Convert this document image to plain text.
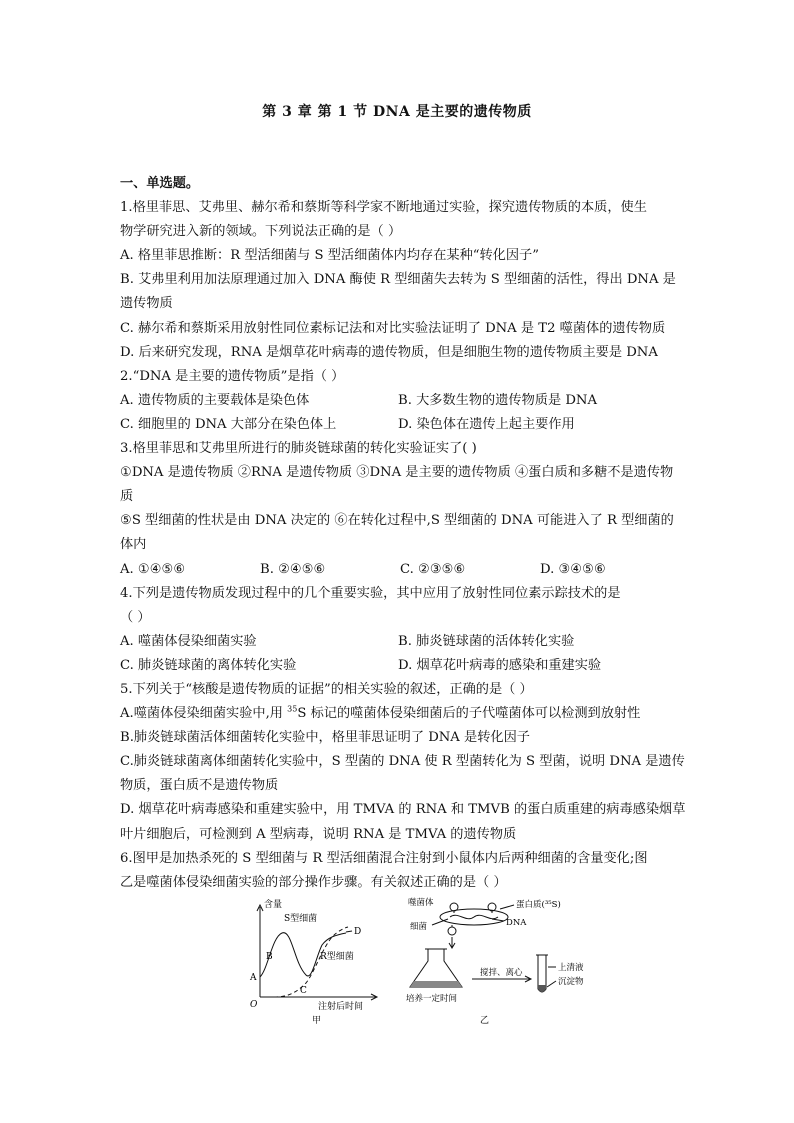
第 3 章 第 1 节 DNA 是主要的遗传物质
一、单选题。
1.格里菲思、艾弗里、赫尔希和蔡斯等科学家不断地通过实验，探究遗传物质的本质，使生
物学研究进入新的领域。下列说法正确的是（ ）
A. 格里菲思推断：R 型活细菌与 S 型活细菌体内均存在某种“转化因子”
B. 艾弗里利用加法原理通过加入 DNA 酶使 R 型细菌失去转为 S 型细菌的活性，得出 DNA 是
遗传物质
C. 赫尔希和蔡斯采用放射性同位素标记法和对比实验法证明了 DNA 是 T2 噬菌体的遗传物质
D. 后来研究发现，RNA 是烟草花叶病毒的遗传物质，但是细胞生物的遗传物质主要是 DNA
2.“DNA 是主要的遗传物质”是指（ ）
A. 遗传物质的主要载体是染色体	B. 大多数生物的遗传物质是 DNA
C. 细胞里的 DNA 大部分在染色体上	D. 染色体在遗传上起主要作用
3.格里菲思和艾弗里所进行的肺炎链球菌的转化实验证实了( )
①DNA 是遗传物质 ②RNA 是遗传物质 ③DNA 是主要的遗传物质 ④蛋白质和多糖不是遗传物
质
⑤S 型细菌的性状是由 DNA 决定的 ⑥在转化过程中,S 型细菌的 DNA 可能进入了 R 型细菌的
体内
A. ①④⑤⑥	B. ②④⑤⑥	C. ②③⑤⑥	D. ③④⑤⑥
4.下列是遗传物质发现过程中的几个重要实验，其中应用了放射性同位素示踪技术的是
（ ）
A. 噬菌体侵染细菌实验	B. 肺炎链球菌的活体转化实验
C. 肺炎链球菌的离体转化实验	D. 烟草花叶病毒的感染和重建实验
5.下列关于“核酸是遗传物质的证据”的相关实验的叙述，正确的是（ ）
A.噬菌体侵染细菌实验中,用 $^{35}$S 标记的噬菌体侵染细菌后的子代噬菌体可以检测到放射性
B.肺炎链球菌活体细菌转化实验中，格里菲思证明了 DNA 是转化因子
C.肺炎链球菌离体细菌转化实验中，S 型菌的 DNA 使 R 型菌转化为 S 型菌，说明 DNA 是遗传
物质，蛋白质不是遗传物质
D. 烟草花叶病毒感染和重建实验中，用 TMVA 的 RNA 和 TMVB 的蛋白质重建的病毒感染烟草
叶片细胞后，可检测到 A 型病毒，说明 RNA 是 TMVA 的遗传物质
6.图甲是加热杀死的 S 型细菌与 R 型活细菌混合注射到小鼠体内后两种细菌的含量变化;图
乙是噬菌体侵染细菌实验的部分操作步骤。有关叙述正确的是（ ）
含量
S型细菌
R型细菌
注射后时间
O
A
B
C
D
甲
噬菌体	蛋白质(³⁵S)
DNA
细菌
培养一定时间
搅拌、离心	上清液
沉淀物
乙
